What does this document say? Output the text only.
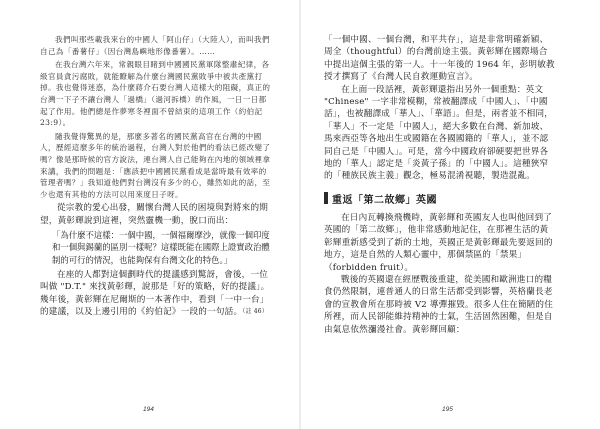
我們叫那些載我來台的中國人「阿山仔」（大陸人），而叫我們自己為「番薯仔」（因台灣島嶼地形像番薯）。……

在我台灣六年來，常親眼目睹到中國國民黨軍隊整肅紀律，各級官員貪污腐敗，就能瞭解為什麼台灣國民黨敗爭中被共產黨打掉。我也覺得迷惑，為什麼蔣介石要台灣人這樣大的阻礙，真正的台灣一下子不讓台灣人「過橋」（過河拆橋）的作風，一日一日都起了作用。他們總是作夢寒冬裡面不曾結束的這項工作（約伯記23:9）。

隨我覺得驚異的是，那麼多著名的國民黨高官在台灣的中國人，歷經這麼多年的統治過程，台灣人對於他們的看法已經改變了嗎？像是那時候的官方說法，連台灣人自己能夠在內地的領域裡拿來講，我們的問題是：「應該把中國國民黨看成是當時最有效率的管理者嗎？」我知道他們對台灣沒有多少的心，雖然如此的話，至少也還有其他的方法可以用來度日子呀。

從宗教的愛心出發，關懷台灣人民的困境與對將來的期望，黃彰輝說到這裡，突然靈機一動，脫口而出：

「為什麼不這樣：一個中國，一個福爾摩沙，就像一個印度和一個與錫蘭的區別一樣呢？這樣既能在國際上證實政治體制的可行的情況，也能夠保有台灣文化的特色。」

在座的人都對這個劃時代的提議感到驚訝，會後，一位叫做 "D.T." 來找黃彰輝，說那是「好的策略，好的提議」。幾年後，黃彰輝在尼爾斯的一本著作中，看到「一中一台」的建議，以及上邊引用的《約伯記》一段的一句話。（註 46）

194

「一個中國、一個台灣，和平共存」，這是非常明確新穎、周全（thoughtful）的台灣前途主張。黃彰輝在國際場合中提出這個主張的第一人。十一年後的 1964 年，彭明敏教授才撰寫了《台灣人民自救運動宣言》。

在上面一段話裡，黃彰輝還指出另外一個重點：英文 "Chinese" 一字非常模糊，常被翻譯成「中國人」、「中國話」，也被翻譯成「華人」、「華語」。但是，兩者並不相同，「華人」不一定是「中國人」，絕大多數在台灣、新加坡、馬來西亞等各地出生或國籍在各國國籍的「華人」，並不認同自己是「中國人」。可是，當今中國政府卻硬要把世界各地的「華人」認定是「炎黃子孫」的「中國人」。這種狹窄的「種族民族主義」觀念，極易混淆視聽，製造混亂。

重返「第二故鄉」英國

在日內瓦轉換飛機時，黃彰輝和英國友人也叫他回到了英國的「第二故鄉」，他非常感動地記住，在那裡生活的黃彰輝重新感受到了新的土地，英國正是黃彰輝最先要返回的地方，這是自然的人類心靈中，那個禁區的「禁果」（forbidden fruit）。

戰後的英國還在經歷戰後重建，從美國和歐洲進口的糧食仍然限制，連普通人的日常生活都受到影響，英格蘭長老會的宣教會所在那時被 V2 導彈摧毀。很多人住在簡陋的住所裡，而人民卻能維持精神的士氣，生活固然困難，但是自由氣息依然瀰漫社會。黃彰輝回顧：

195
